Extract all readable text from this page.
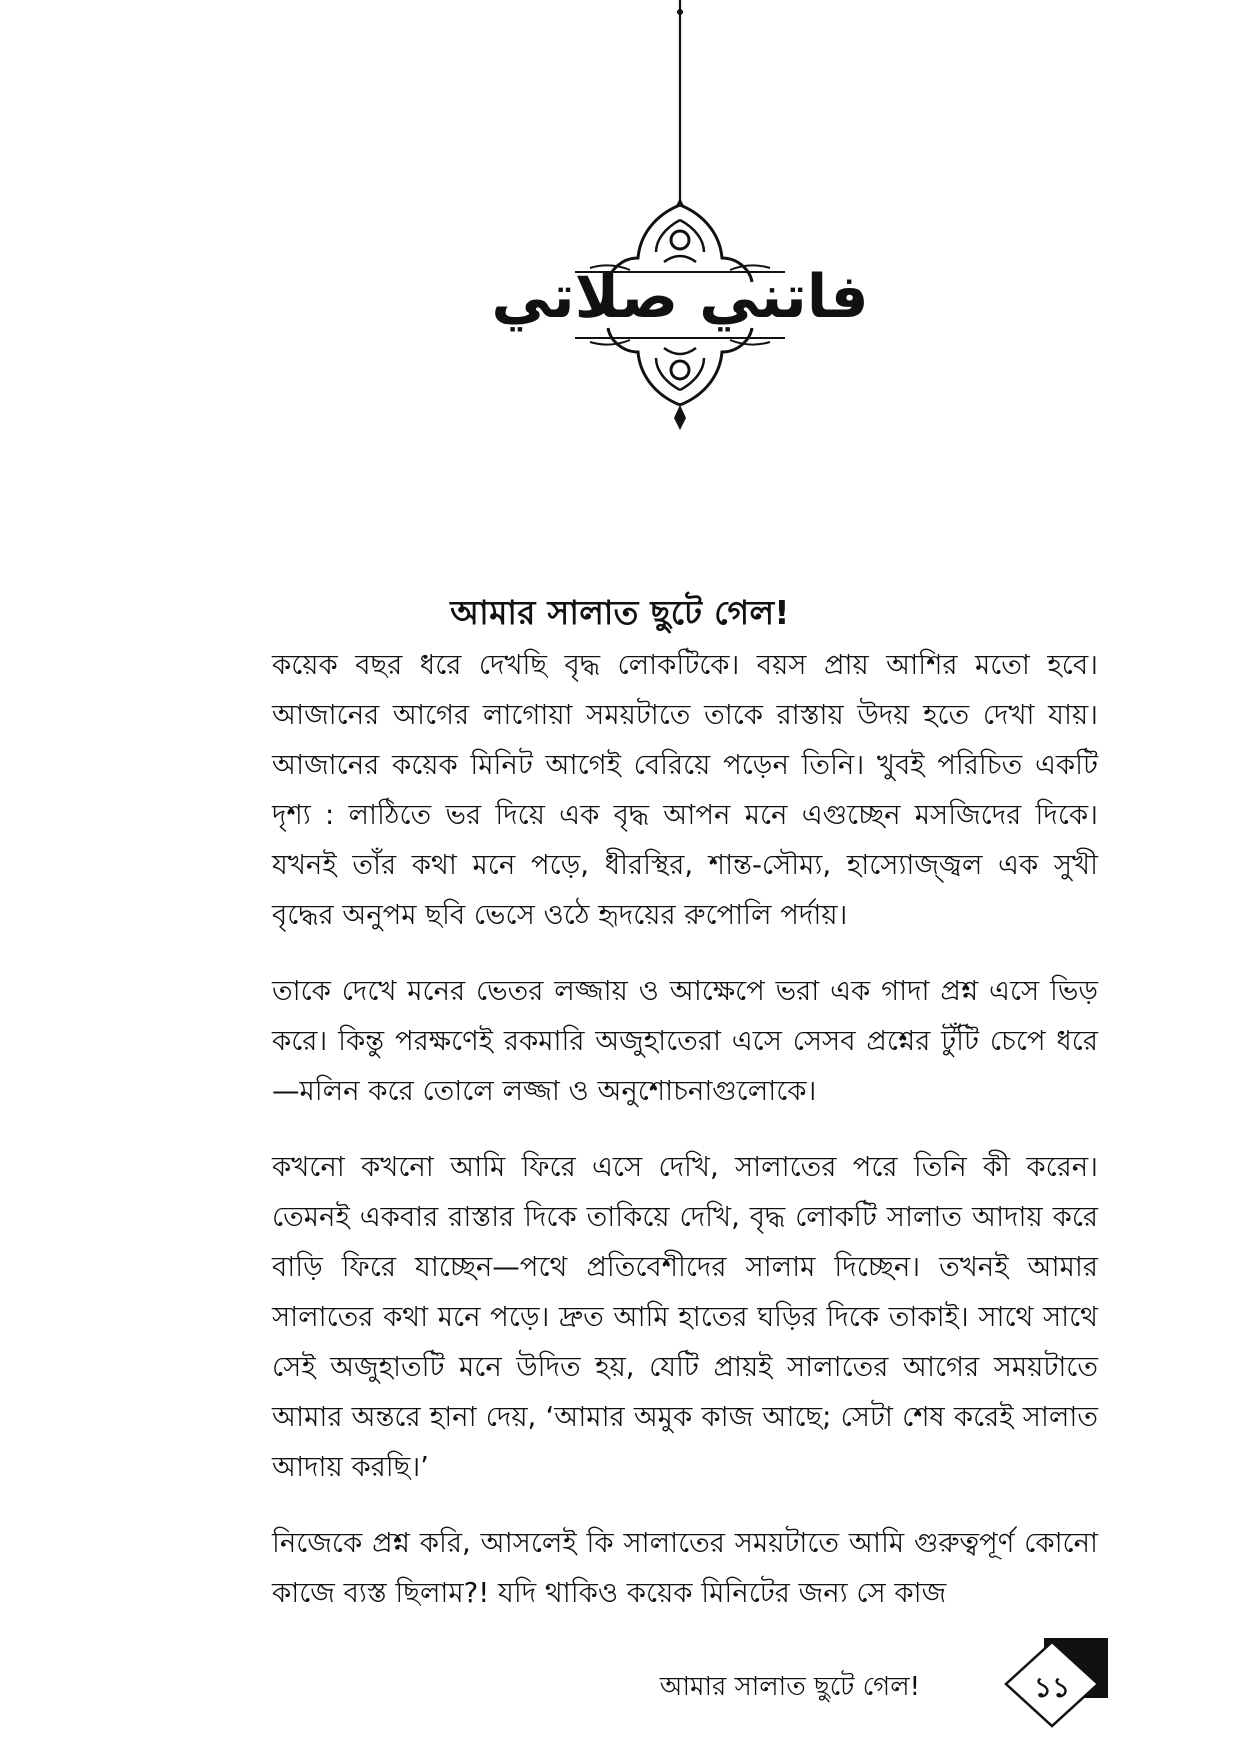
فاتني صلاتي
আমার সালাত ছুটে গেল!

কয়েক বছর ধরে দেখছি বৃদ্ধ লোকটিকে। বয়স প্রায় আশির মতো হবে। আজানের আগের লাগোয়া সময়টাতে তাকে রাস্তায় উদয় হতে দেখা যায়। আজানের কয়েক মিনিট আগেই বেরিয়ে পড়েন তিনি। খুবই পরিচিত একটি দৃশ্য : লাঠিতে ভর দিয়ে এক বৃদ্ধ আপন মনে এগুচ্ছেন মসজিদের দিকে। যখনই তাঁর কথা মনে পড়ে, ধীরস্থির, শান্ত-সৌম্য, হাস্যোজ্জ্বল এক সুখী বৃদ্ধের অনুপম ছবি ভেসে ওঠে হৃদয়ের রুপোলি পর্দায়।

তাকে দেখে মনের ভেতর লজ্জায় ও আক্ষেপে ভরা এক গাদা প্রশ্ন এসে ভিড় করে। কিন্তু পরক্ষণেই রকমারি অজুহাতেরা এসে সেসব প্রশ্নের টুঁটি চেপে ধরে—মলিন করে তোলে লজ্জা ও অনুশোচনাগুলোকে।

কখনো কখনো আমি ফিরে এসে দেখি, সালাতের পরে তিনি কী করেন। তেমনই একবার রাস্তার দিকে তাকিয়ে দেখি, বৃদ্ধ লোকটি সালাত আদায় করে বাড়ি ফিরে যাচ্ছেন—পথে প্রতিবেশীদের সালাম দিচ্ছেন। তখনই আমার সালাতের কথা মনে পড়ে। দ্রুত আমি হাতের ঘড়ির দিকে তাকাই। সাথে সাথে সেই অজুহাতটি মনে উদিত হয়, যেটি প্রায়ই সালাতের আগের সময়টাতে আমার অন্তরে হানা দেয়, ‘আমার অমুক কাজ আছে; সেটা শেষ করেই সালাত আদায় করছি।’

নিজেকে প্রশ্ন করি, আসলেই কি সালাতের সময়টাতে আমি গুরুত্বপূর্ণ কোনো কাজে ব্যস্ত ছিলাম?! যদি থাকিও কয়েক মিনিটের জন্য সে কাজ

আমার সালাত ছুটে গেল!	১১
